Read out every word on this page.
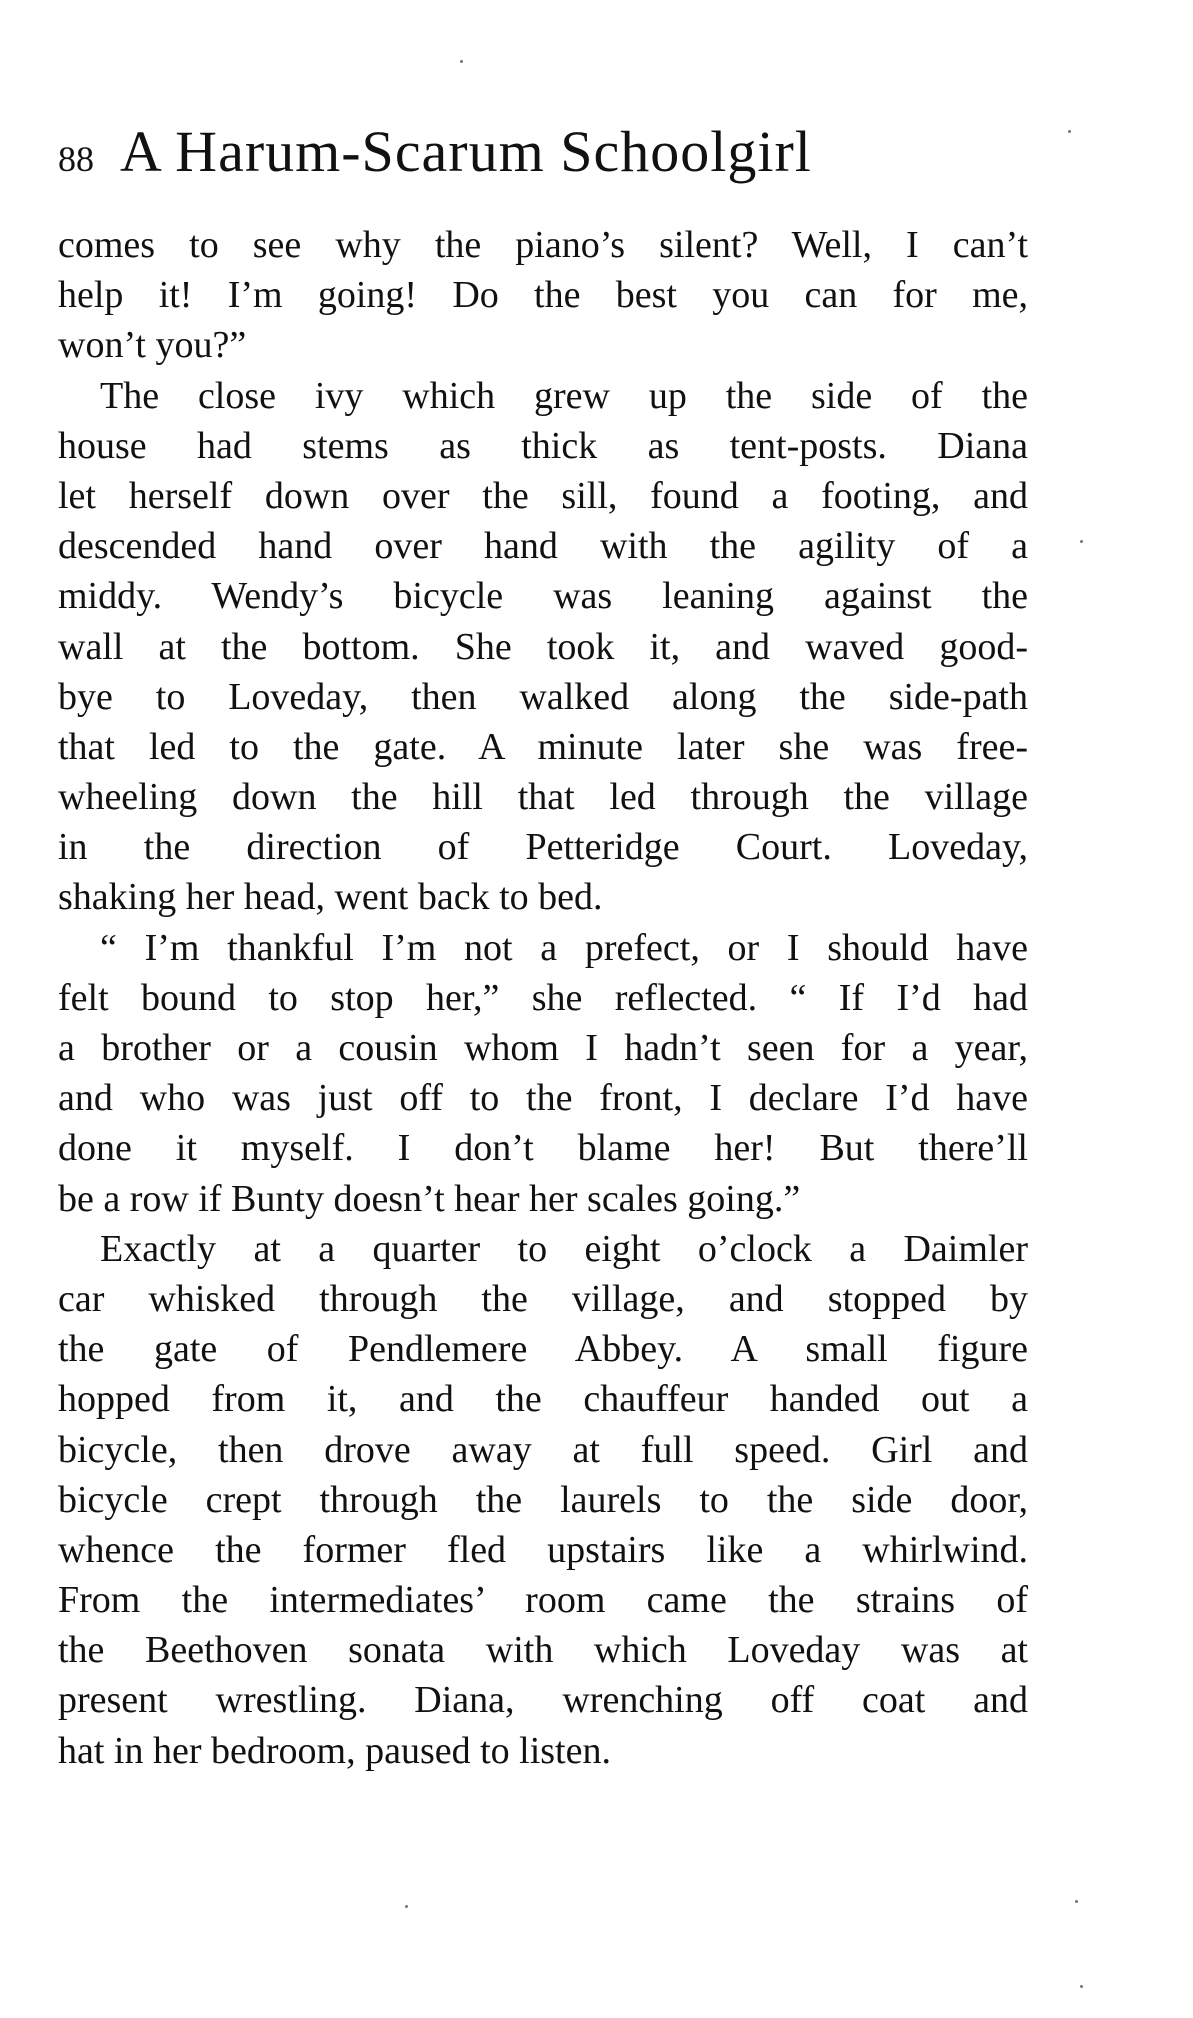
88 A Harum-Scarum Schoolgirl
comes to see why the piano’s silent? Well, I can’t
help it! I’m going! Do the best you can for me,
won’t you?”
The close ivy which grew up the side of the
house had stems as thick as tent-posts. Diana
let herself down over the sill, found a footing, and
descended hand over hand with the agility of a
middy. Wendy’s bicycle was leaning against the
wall at the bottom. She took it, and waved good-
bye to Loveday, then walked along the side-path
that led to the gate. A minute later she was free-
wheeling down the hill that led through the village
in the direction of Petteridge Court. Loveday,
shaking her head, went back to bed.
“ I’m thankful I’m not a prefect, or I should have
felt bound to stop her,” she reflected. “ If I’d had
a brother or a cousin whom I hadn’t seen for a year,
and who was just off to the front, I declare I’d have
done it myself. I don’t blame her! But there’ll
be a row if Bunty doesn’t hear her scales going.”
Exactly at a quarter to eight o’clock a Daimler
car whisked through the village, and stopped by
the gate of Pendlemere Abbey. A small figure
hopped from it, and the chauffeur handed out a
bicycle, then drove away at full speed. Girl and
bicycle crept through the laurels to the side door,
whence the former fled upstairs like a whirlwind.
From the intermediates’ room came the strains of
the Beethoven sonata with which Loveday was at
present wrestling. Diana, wrenching off coat and
hat in her bedroom, paused to listen.
